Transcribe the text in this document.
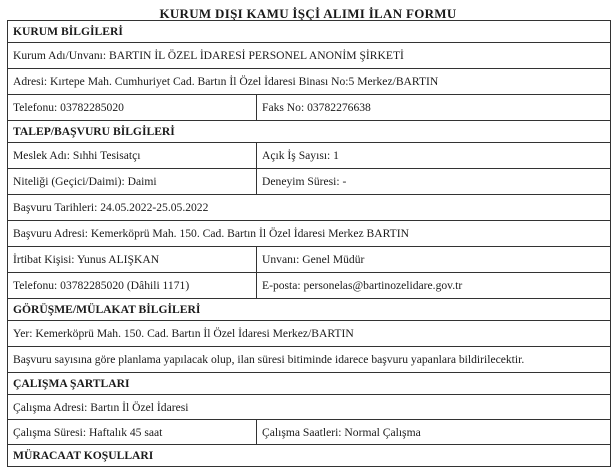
KURUM DIŞI KAMU İŞÇİ ALIMI İLAN FORMU
KURUM BİLGİLERİ	
Kurum Adı/Unvanı: BARTIN İL ÖZEL İDARESİ PERSONEL ANONİM ŞİRKETİ	
Adresi: Kırtepe Mah. Cumhuriyet Cad. Bartın İl Özel İdaresi Binası No:5 Merkez/BARTIN	
Telefonu: 03782285020	Faks No: 03782276638
TALEP/BAŞVURU BİLGİLERİ	
Meslek Adı: Sıhhi Tesisatçı	Açık İş Sayısı: 1
Niteliği (Geçici/Daimi): Daimi	Deneyim Süresi: -
Başvuru Tarihleri: 24.05.2022-25.05.2022	
Başvuru Adresi: Kemerköprü Mah. 150. Cad. Bartın İl Özel İdaresi Merkez BARTIN	
İrtibat Kişisi: Yunus ALIŞKAN	Unvanı: Genel Müdür
Telefonu: 03782285020 (Dâhili 1171)	E-posta: personelas@bartinozelidare.gov.tr
GÖRÜŞME/MÜLAKAT BİLGİLERİ	
Yer: Kemerköprü Mah. 150. Cad. Bartın İl Özel İdaresi Merkez/BARTIN	
Başvuru sayısına göre planlama yapılacak olup, ilan süresi bitiminde idarece başvuru yapanlara bildirilecektir.	
ÇALIŞMA ŞARTLARI	
Çalışma Adresi: Bartın İl Özel İdaresi	
Çalışma Süresi: Haftalık 45 saat	Çalışma Saatleri: Normal Çalışma
MÜRACAAT KOŞULLARI	
